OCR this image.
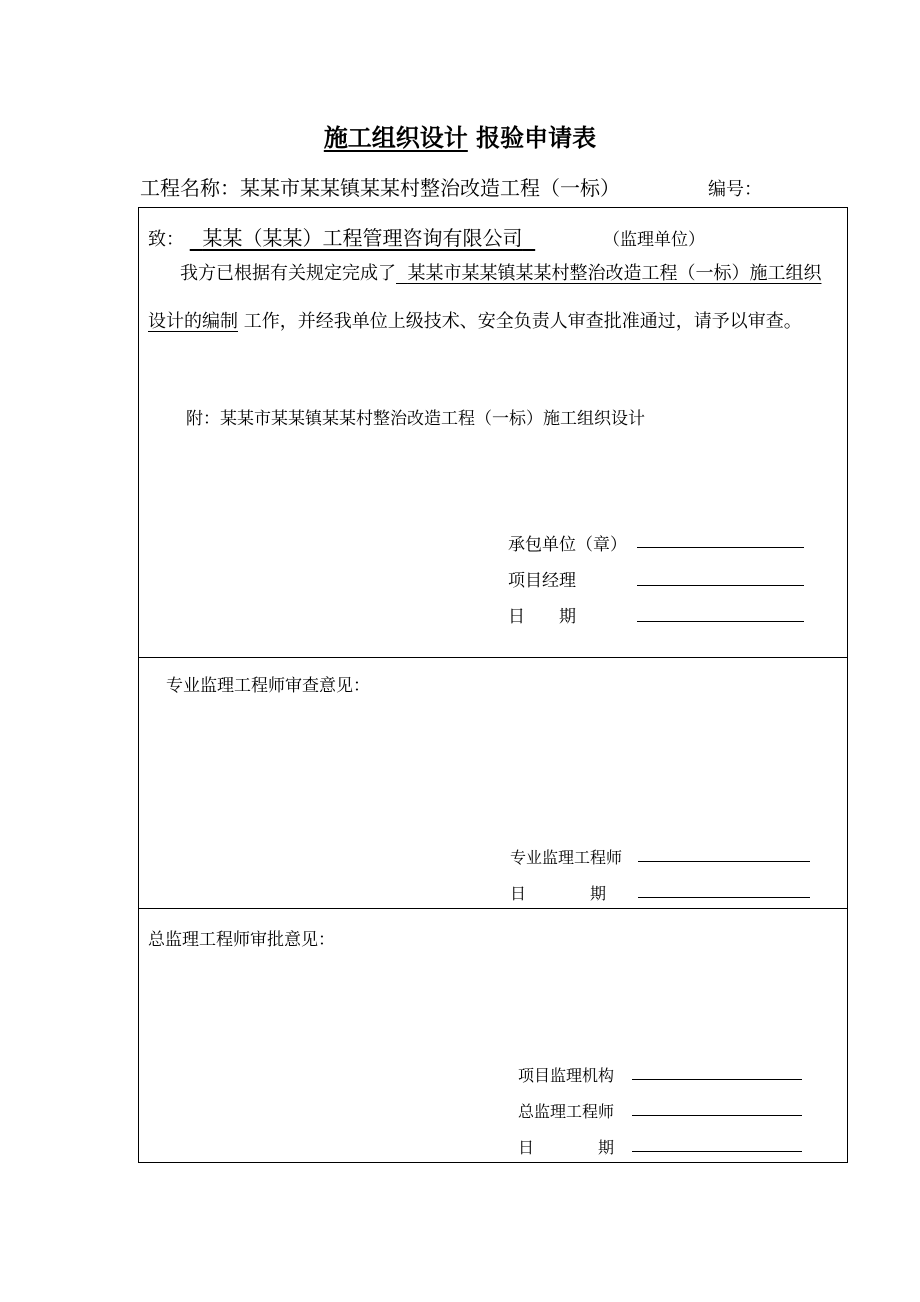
施工组织设计 报验申请表
工程名称：某某市某某镇某某村整治改造工程（一标）	编号：
致： 某某（某某）工程管理咨询有限公司	（监理单位）
我方已根据有关规定完成了 某某市某某镇某某村整治改造工程（一标）施工组织
设计的编制 工作，并经我单位上级技术、安全负责人审查批准通过，请予以审查。
附：某某市某某镇某某村整治改造工程（一标）施工组织设计
承包单位（章）
项目经理
日　　期
专业监理工程师审查意见：
专业监理工程师
日　　　　期
总监理工程师审批意见：
项目监理机构
总监理工程师
日　　　　期
